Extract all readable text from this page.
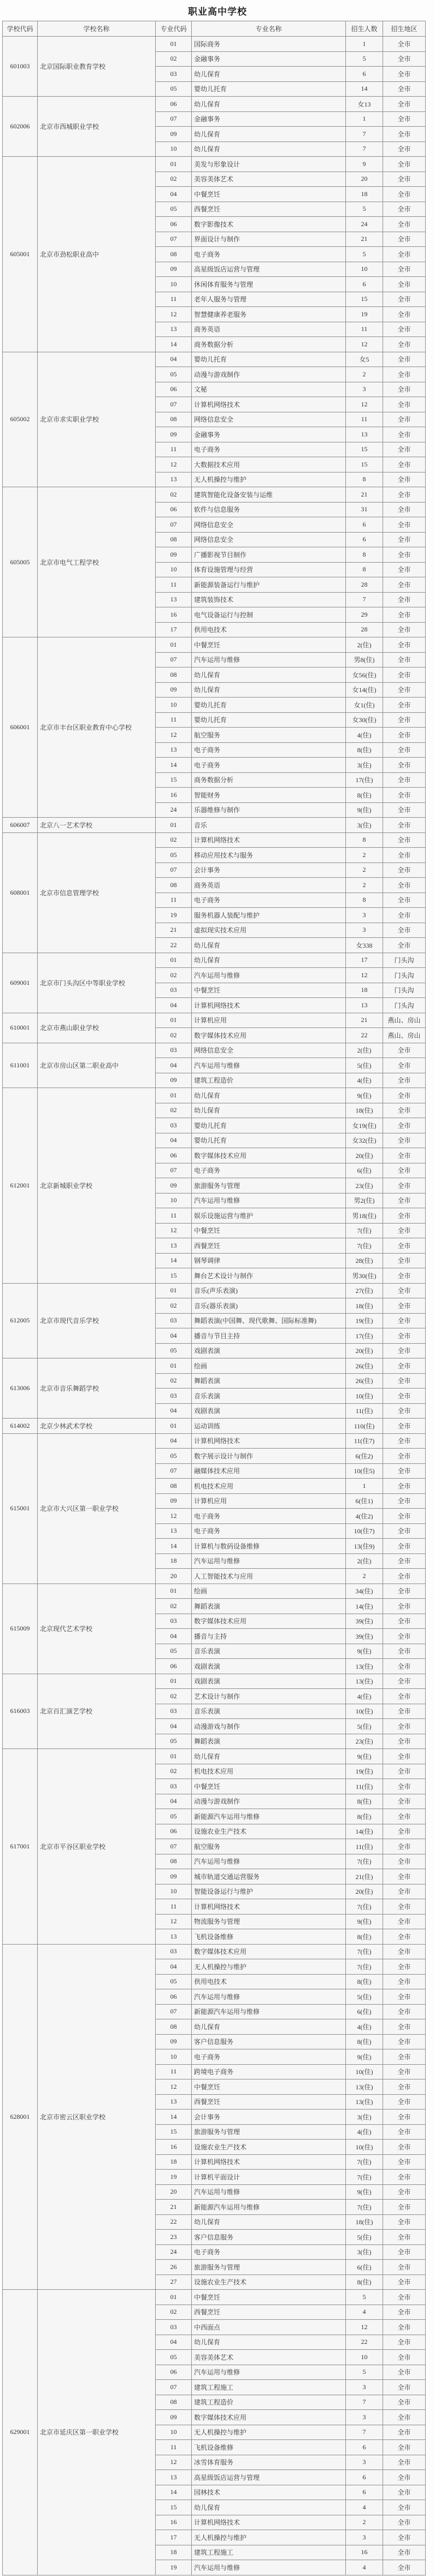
职业高中学校
学校代码	学校名称	专业代码	专业名称	招生人数	招生地区
601003	北京国际职业教育学校	01	国际商务	1	全市
		02	金融事务	5	全市
		03	幼儿保育	6	全市
		05	婴幼儿托育	14	全市
602006	北京市西城职业学校	06	幼儿保育	女13	全市
		07	金融事务	1	全市
		09	幼儿保育	7	全市
		10	幼儿保育	7	全市
605001	北京市劲松职业高中	01	美发与形象设计	9	全市
		02	美容美体艺术	20	全市
		04	中餐烹饪	18	全市
		05	西餐烹饪	5	全市
		06	数字影像技术	24	全市
		07	界面设计与制作	21	全市
		08	电子商务	5	全市
		09	高星级饭店运营与管理	10	全市
		10	休闲体育服务与管理	6	全市
		11	老年人服务与管理	15	全市
		12	智慧健康养老服务	19	全市
		13	商务英语	11	全市
		14	商务数据分析	12	全市
605002	北京市求实职业学校	04	婴幼儿托育	女5	全市
		05	动漫与游戏制作	2	全市
		06	文秘	3	全市
		07	计算机网络技术	12	全市
		08	网络信息安全	11	全市
		09	金融事务	13	全市
		11	电子商务	15	全市
		12	大数据技术应用	15	全市
		13	无人机操控与维护	8	全市
605005	北京市电气工程学校	02	建筑智能化设备安装与运维	21	全市
		06	软件与信息服务	31	全市
		07	网络信息安全	6	全市
		08	网络信息安全	6	全市
		09	广播影视节目制作	8	全市
		10	体育设施管理与经营	8	全市
		11	新能源装备运行与维护	28	全市
		13	建筑装饰技术	7	全市
		16	电气设备运行与控制	29	全市
		17	供用电技术	28	全市
606001	北京市丰台区职业教育中心学校	01	中餐烹饪	2(住)	全市
		07	汽车运用与维修	男8(住)	全市
		08	幼儿保育	女56(住)	全市
		09	幼儿保育	女14(住)	全市
		10	婴幼儿托育	女1(住)	全市
		11	婴幼儿托育	女30(住)	全市
		12	航空服务	4(住)	全市
		13	电子商务	8(住)	全市
		14	电子商务	3(住)	全市
		15	商务数据分析	17(住)	全市
		16	智能财务	8(住)	全市
		24	乐器维修与制作	9(住)	全市
606007	北京八一艺术学校	01	音乐	3(住)	全市
608001	北京市信息管理学校	02	计算机网络技术	8	全市
		05	移动应用技术与服务	2	全市
		07	会计事务	2	全市
		08	商务英语	2	全市
		11	电子商务	8	全市
		19	服务机器人装配与维护	3	全市
		21	虚拟现实技术应用	3	全市
		22	幼儿保育	女338	全市
609001	北京市门头沟区中等职业学校	01	幼儿保育	17	门头沟
		02	汽车运用与维修	12	门头沟
		03	中餐烹饪	18	门头沟
		04	计算机网络技术	13	门头沟
610001	北京市燕山职业学校	01	计算机应用	21	燕山、房山
		02	数字媒体技术应用	22	燕山、房山
611001	北京市房山区第二职业高中	03	网络信息安全	2(住)	全市
		04	汽车运用与维修	5(住)	全市
		09	建筑工程造价	4(住)	全市
612001	北京新城职业学校	01	幼儿保育	9(住)	全市
		02	幼儿保育	18(住)	全市
		03	婴幼儿托育	女19(住)	全市
		04	婴幼儿托育	女32(住)	全市
		06	数字媒体技术应用	20(住)	全市
		07	电子商务	6(住)	全市
		09	旅游服务与管理	23(住)	全市
		10	汽车运用与维修	男2(住)	全市
		11	娱乐设施运营与维护	男18(住)	全市
		12	中餐烹饪	7(住)	全市
		13	西餐烹饪	7(住)	全市
		14	钢琴调律	28(住)	全市
		15	舞台艺术设计与制作	男30(住)	全市
612005	北京市现代音乐学校	01	音乐(声乐表演)	27(住)	全市
		02	音乐(器乐表演)	18(住)	全市
		03	舞蹈表演(中国舞、现代歌舞、国际标准舞)	19(住)	全市
		04	播音与节目主持	17(住)	全市
		05	戏剧表演	20(住)	全市
613006	北京市音乐舞蹈学校	01	绘画	26(住)	全市
		02	舞蹈表演	26(住)	全市
		03	音乐表演	10(住)	全市
		04	戏剧表演	11(住)	全市
614002	北京少林武术学校	01	运动训练	110(住)	全市
615001	北京市大兴区第一职业学校	04	计算机网络技术	11(住7)	全市
		05	数字展示设计与制作	6(住2)	全市
		07	融媒体技术应用	10(住5)	全市
		08	机电技术应用	1	全市
		09	计算机应用	6(住1)	全市
		12	电子商务	4(住2)	全市
		13	电子商务	10(住7)	全市
		14	计算机与数码设备维修	13(住9)	全市
		18	汽车运用与维修	2(住)	全市
		20	人工智能技术与应用	2	全市
615009	北京现代艺术学校	01	绘画	34(住)	全市
		02	舞蹈表演	14(住)	全市
		03	数字媒体技术应用	39(住)	全市
		04	播音与主持	39(住)	全市
		05	音乐表演	9(住)	全市
		06	戏剧表演	13(住)	全市
616003	北京百汇演艺学校	01	戏剧表演	13(住)	全市
		02	艺术设计与制作	4(住)	全市
		03	音乐表演	10(住)	全市
		04	动漫游戏与制作	5(住)	全市
		05	舞蹈表演	23(住)	全市
617001	北京市平谷区职业学校	01	幼儿保育	9(住)	全市
		02	机电技术应用	19(住)	全市
		03	中餐烹饪	11(住)	全市
		04	动漫与游戏制作	8(住)	全市
		05	新能源汽车运用与维修	8(住)	全市
		06	设施农业生产技术	14(住)	全市
		07	航空服务	11(住)	全市
		08	汽车运用与维修	7(住)	全市
		09	城市轨道交通运营服务	21(住)	全市
		10	智能设备运行与维护	20(住)	全市
		11	计算机网络技术	7(住)	全市
		12	物流服务与管理	9(住)	全市
		13	飞机设备维修	8(住)	全市
628001	北京市密云区职业学校	03	数字媒体技术应用	7(住)	全市
		04	无人机操控与维护	7(住)	全市
		05	供用电技术	8(住)	全市
		06	汽车运用与维修	5(住)	全市
		07	新能源汽车运用与维修	6(住)	全市
		08	幼儿保育	4(住)	全市
		09	客户信息服务	8(住)	全市
		10	电子商务	9(住)	全市
		11	跨境电子商务	10(住)	全市
		12	中餐烹饪	13(住)	全市
		13	西餐烹饪	13(住)	全市
		14	会计事务	3(住)	全市
		15	旅游服务与管理	4(住)	全市
		16	设施农业生产技术	10(住)	全市
		18	计算机网络技术	7(住)	全市
		19	计算机平面设计	7(住)	全市
		20	汽车运用与维修	9(住)	全市
		21	新能源汽车运用与维修	7(住)	全市
		22	幼儿保育	18(住)	全市
		23	客户信息服务	5(住)	全市
		24	电子商务	3(住)	全市
		26	旅游服务与管理	6(住)	全市
		27	设施农业生产技术	8(住)	全市
629001	北京市延庆区第一职业学校	01	中餐烹饪	5	全市
		02	西餐烹饪	4	全市
		03	中西面点	12	全市
		04	幼儿保育	22	全市
		05	美容美体艺术	10	全市
		06	汽车运用与维修	5	全市
		07	建筑工程施工	3	全市
		08	建筑工程造价	7	全市
		09	数字媒体技术应用	3	全市
		10	无人机操控与维护	7	全市
		11	飞机设备维修	6	全市
		12	冰雪体育服务	3	全市
		13	高星级饭店运营与管理	6	全市
		14	园林技术	6	全市
		15	幼儿保育	4	全市
		16	计算机网络技术	2	全市
		17	无人机操控与维护	3	全市
		18	建筑工程施工	16	全市
		19	汽车运用与维修	4	全市
